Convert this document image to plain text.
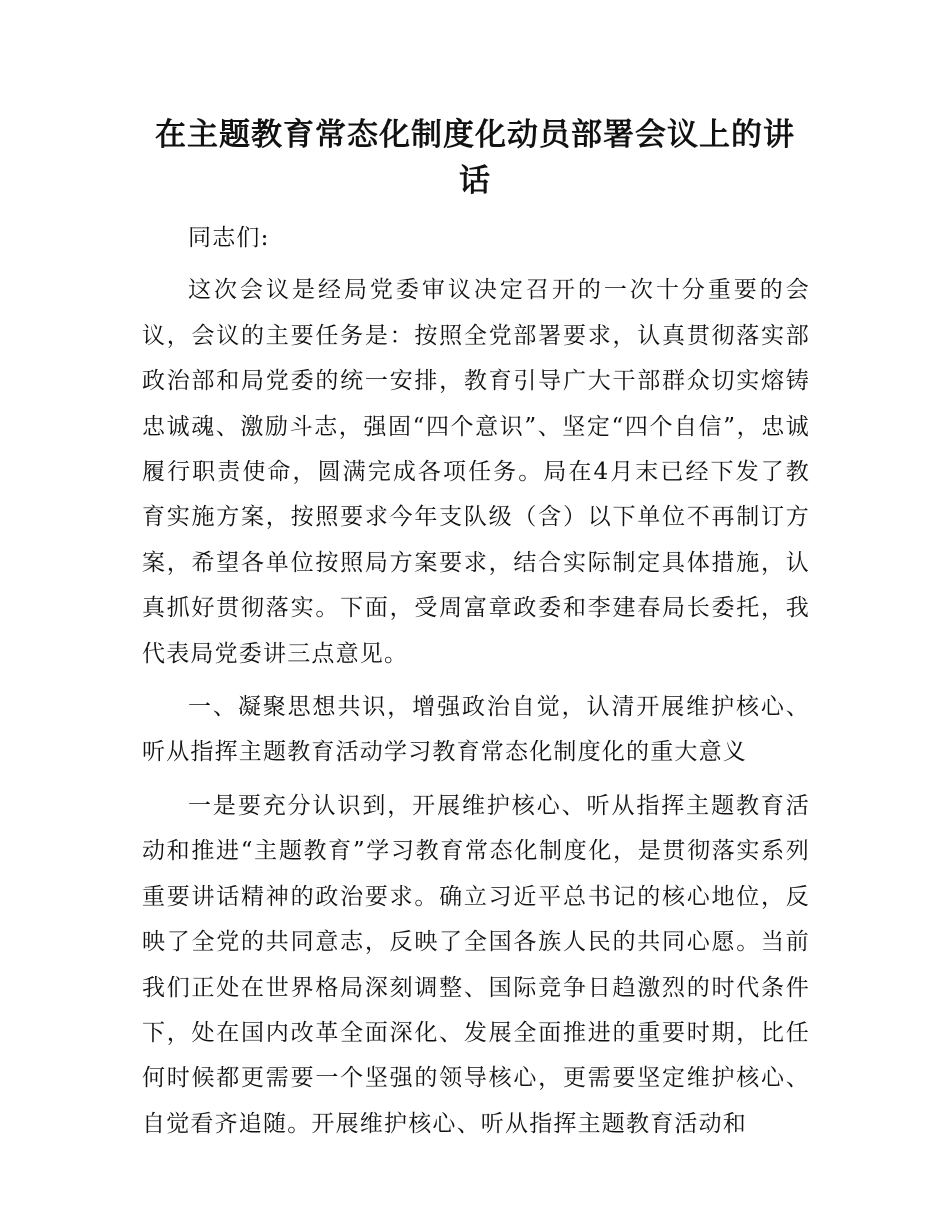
在主题教育常态化制度化动员部署会议上的讲话

同志们:

这次会议是经局党委审议决定召开的一次十分重要的会议，会议的主要任务是：按照全党部署要求，认真贯彻落实部政治部和局党委的统一安排，教育引导广大干部群众切实熔铸忠诚魂、激励斗志，强固“四个意识”、坚定“四个自信”，忠诚履行职责使命，圆满完成各项任务。局在4月末已经下发了教育实施方案，按照要求今年支队级（含）以下单位不再制订方案，希望各单位按照局方案要求，结合实际制定具体措施，认真抓好贯彻落实。下面，受周富章政委和李建春局长委托，我代表局党委讲三点意见。

一、凝聚思想共识，增强政治自觉，认清开展维护核心、听从指挥主题教育活动学习教育常态化制度化的重大意义

一是要充分认识到，开展维护核心、听从指挥主题教育活动和推进“主题教育”学习教育常态化制度化，是贯彻落实系列重要讲话精神的政治要求。确立习近平总书记的核心地位，反映了全党的共同意志，反映了全国各族人民的共同心愿。当前我们正处在世界格局深刻调整、国际竞争日趋激烈的时代条件下，处在国内改革全面深化、发展全面推进的重要时期，比任何时候都更需要一个坚强的领导核心，更需要坚定维护核心、自觉看齐追随。开展维护核心、听从指挥主题教育活动和
